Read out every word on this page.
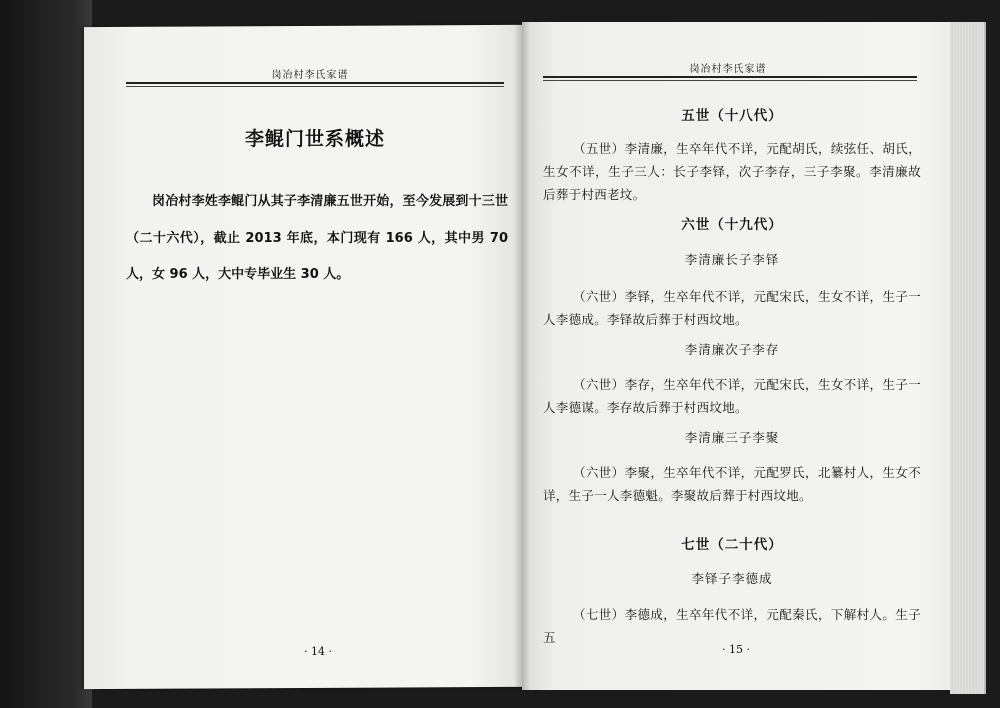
岗冶村李氏家谱
李鲲门世系概述
岗冶村李姓李鲲门从其子李清廉五世开始，至今发展到十三世（二十六代），截止 2013 年底，本门现有 166 人，其中男 70 人，女 96 人，大中专毕业生 30 人。
· 14 ·
岗冶村李氏家谱
五世（十八代）
（五世）李清廉，生卒年代不详，元配胡氏，续弦任、胡氏，生女不详，生子三人：长子李铎，次子李存，三子李聚。李清廉故后葬于村西老坟。
六世（十九代）
李清廉长子李铎
（六世）李铎，生卒年代不详，元配宋氏，生女不详，生子一人李德成。李铎故后葬于村西坟地。
李清廉次子李存
（六世）李存，生卒年代不详，元配宋氏，生女不详，生子一人李德谋。李存故后葬于村西坟地。
李清廉三子李聚
（六世）李聚，生卒年代不详，元配罗氏，北纂村人，生女不详，生子一人李德魁。李聚故后葬于村西坟地。
七世（二十代）
李铎子李德成
（七世）李德成，生卒年代不详，元配秦氏，下解村人。生子五
· 15 ·
